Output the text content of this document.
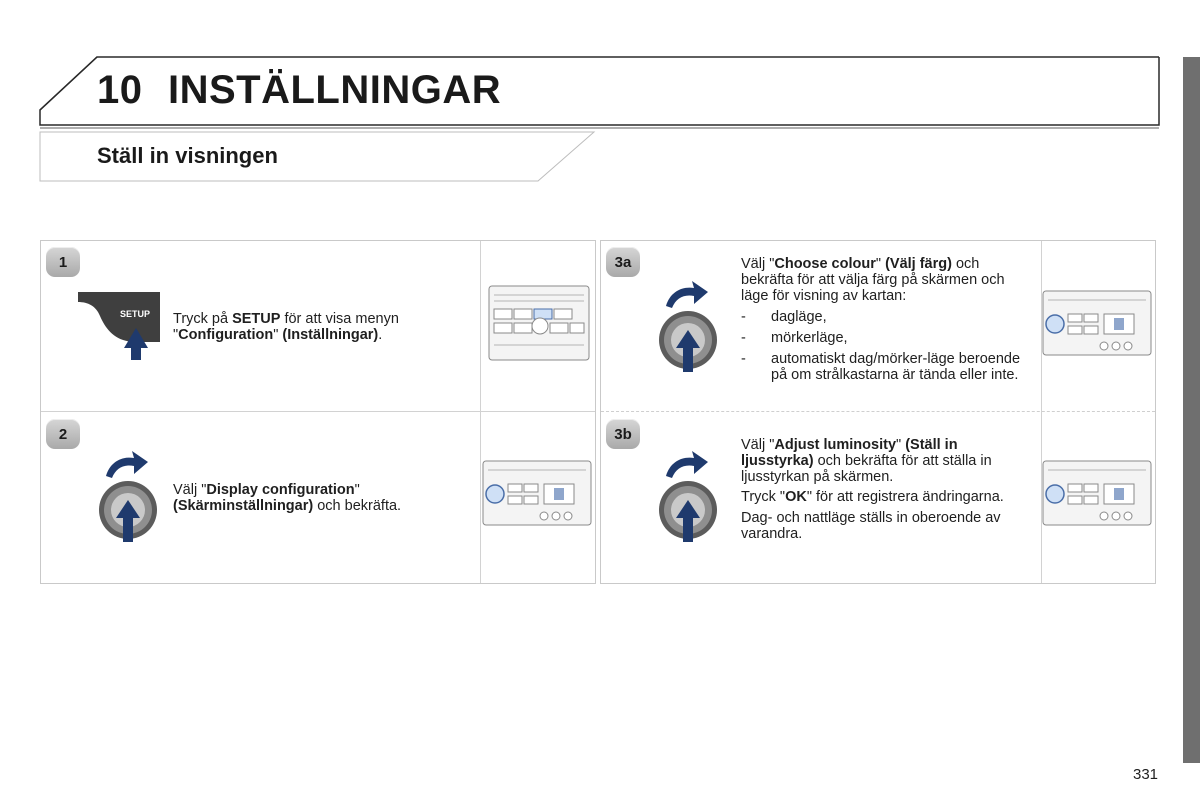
10 INSTÄLLNINGAR
Ställ in visningen
1
SETUP Tryck på SETUP för att visa menyn "Configuration" (Inställningar).
2
Välj "Display configuration" (Skärminställningar) och bekräfta.
3a	Välj "Choose colour" (Välj färg) och bekräfta för att välja färg på skärmen och läge för visning av kartan:
- dagläge,
- mörkerläge,
- automatiskt dag/mörker-läge beroende på om strålkastarna är tända eller inte.
3b
Välj "Adjust luminosity" (Ställ in ljusstyrka) och bekräfta för att ställa in ljusstyrkan på skärmen.
Tryck "OK" för att registrera ändringarna.
Dag- och nattläge ställs in oberoende av varandra.
331
